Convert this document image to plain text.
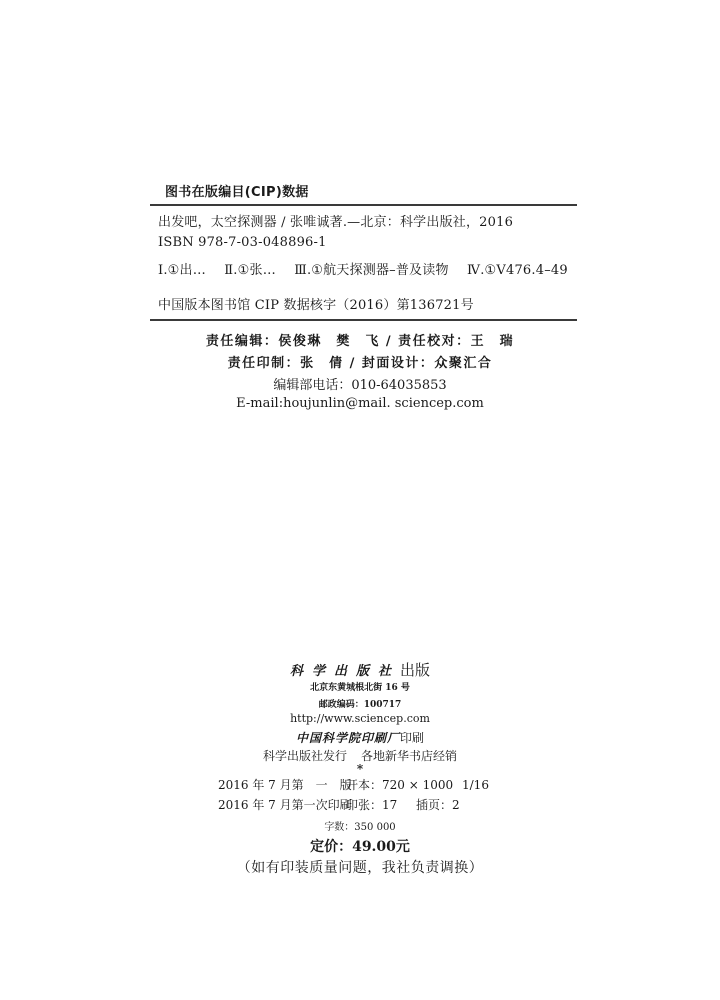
图书在版编目(CIP)数据
出发吧，太空探测器 / 张唯诚著.—北京：科学出版社，2016
ISBN 978-7-03-048896-1
Ⅰ.①出… Ⅱ.①张… Ⅲ.①航天探测器–普及读物 Ⅳ.①V476.4–49
中国版本图书馆 CIP 数据核字（2016）第136721号
责任编辑：侯俊琳　樊　飞 / 责任校对：王　瑞
责任印制：张　倩 / 封面设计：众聚汇合
编辑部电话：010-64035853
E-mail:houjunlin@mail. sciencep.com
科学出版社出版
北京东黄城根北街 16 号
邮政编码：100717
http://www.sciencep.com
中国科学院印刷厂印刷
科学出版社发行 各地新华书店经销
*
2016 年 7 月第　一　版开本：720 × 1000 1/16
2016 年 7 月第一次印刷印张：17 插页：2
字数：350 000
定价：49.00元
（如有印装质量问题，我社负责调换）
